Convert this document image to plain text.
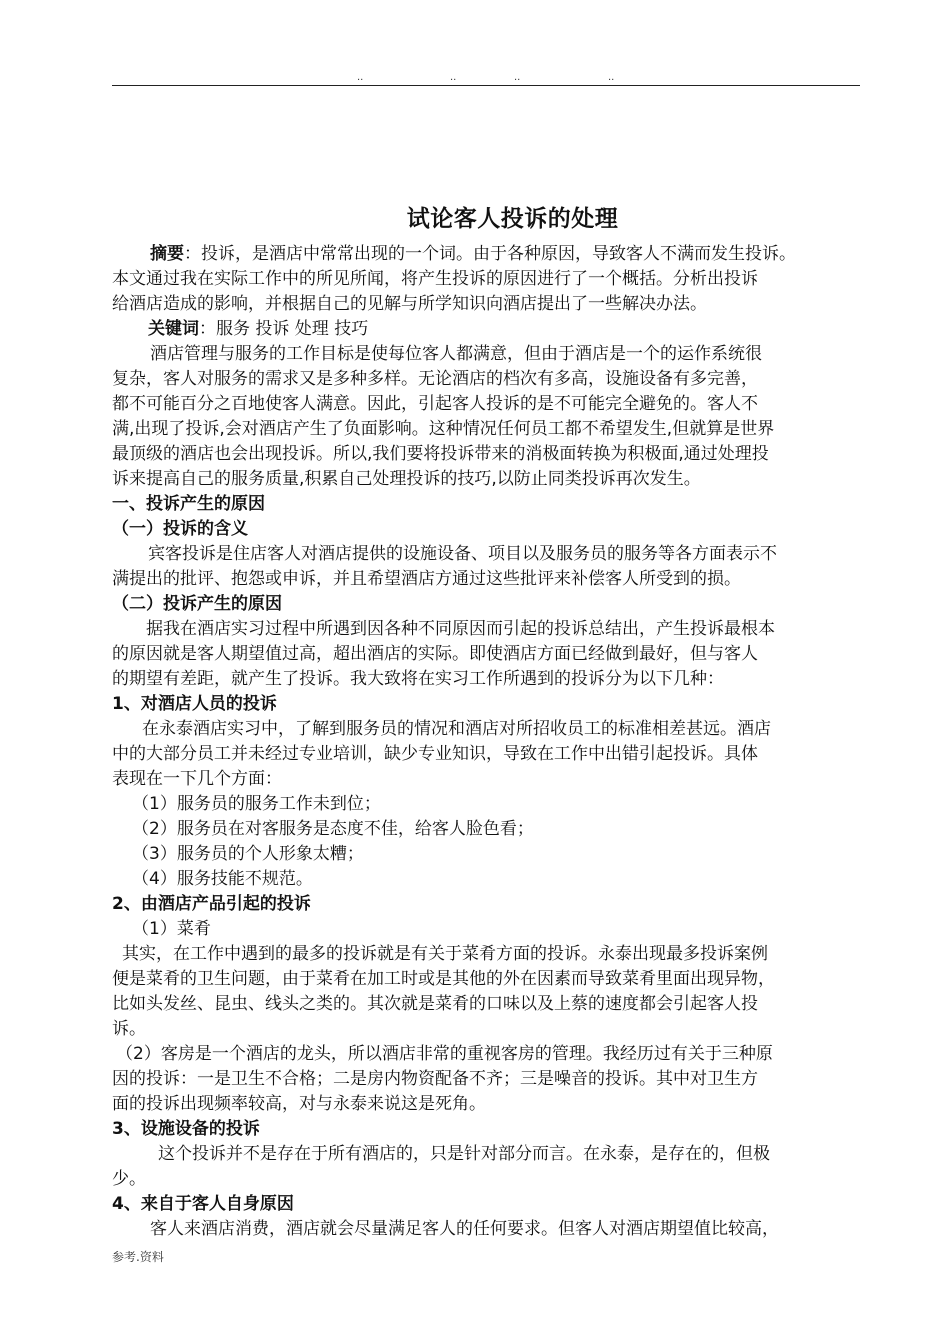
..	..	..	..
试论客人投诉的处理
摘要：投诉，是酒店中常常出现的一个词。由于各种原因，导致客人不满而发生投诉。
本文通过我在实际工作中的所见所闻，将产生投诉的原因进行了一个概括。分析出投诉
给酒店造成的影响，并根据自己的见解与所学知识向酒店提出了一些解决办法。
关键词：服务 投诉 处理 技巧
酒店管理与服务的工作目标是使每位客人都满意，但由于酒店是一个的运作系统很
复杂，客人对服务的需求又是多种多样。无论酒店的档次有多高，设施设备有多完善，
都不可能百分之百地使客人满意。因此，引起客人投诉的是不可能完全避免的。客人不
满,出现了投诉,会对酒店产生了负面影响。这种情况任何员工都不希望发生,但就算是世界
最顶级的酒店也会出现投诉。所以,我们要将投诉带来的消极面转换为积极面,通过处理投
诉来提高自己的服务质量,积累自己处理投诉的技巧,以防止同类投诉再次发生。
一、投诉产生的原因
（一）投诉的含义
宾客投诉是住店客人对酒店提供的设施设备、项目以及服务员的服务等各方面表示不
满提出的批评、抱怨或申诉，并且希望酒店方通过这些批评来补偿客人所受到的损。
（二）投诉产生的原因
据我在酒店实习过程中所遇到因各种不同原因而引起的投诉总结出，产生投诉最根本
的原因就是客人期望值过高，超出酒店的实际。即使酒店方面已经做到最好，但与客人
的期望有差距，就产生了投诉。我大致将在实习工作所遇到的投诉分为以下几种：
1、对酒店人员的投诉
在永泰酒店实习中，了解到服务员的情况和酒店对所招收员工的标准相差甚远。酒店
中的大部分员工并未经过专业培训，缺少专业知识，导致在工作中出错引起投诉。具体
表现在一下几个方面：
（1）服务员的服务工作未到位；
（2）服务员在对客服务是态度不佳，给客人脸色看；
（3）服务员的个人形象太糟；
（4）服务技能不规范。
2、由酒店产品引起的投诉
（1）菜肴
其实，在工作中遇到的最多的投诉就是有关于菜肴方面的投诉。永泰出现最多投诉案例
便是菜肴的卫生问题，由于菜肴在加工时或是其他的外在因素而导致菜肴里面出现异物，
比如头发丝、昆虫、线头之类的。其次就是菜肴的口味以及上蔡的速度都会引起客人投
诉。
（2）客房是一个酒店的龙头，所以酒店非常的重视客房的管理。我经历过有关于三种原
因的投诉：一是卫生不合格；二是房内物资配备不齐；三是噪音的投诉。其中对卫生方
面的投诉出现频率较高，对与永泰来说这是死角。
3、设施设备的投诉
这个投诉并不是存在于所有酒店的，只是针对部分而言。在永泰，是存在的，但极
少。
4、来自于客人自身原因
客人来酒店消费，酒店就会尽量满足客人的任何要求。但客人对酒店期望值比较高，
参考.资料
